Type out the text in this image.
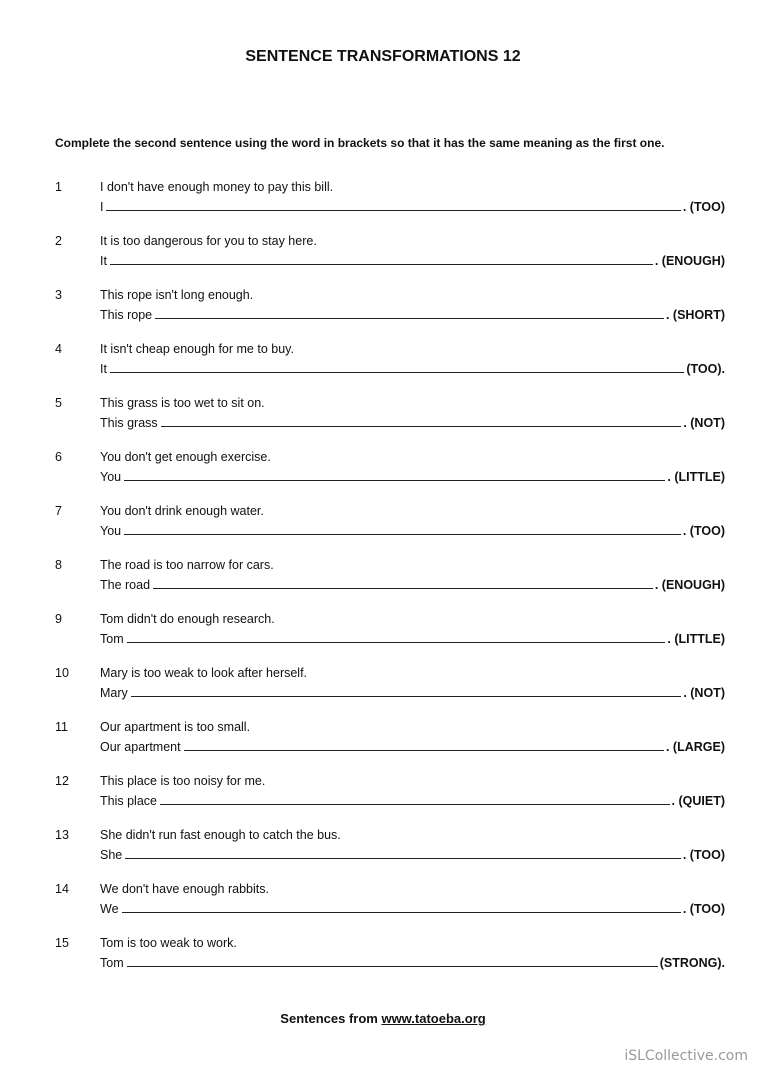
SENTENCE TRANSFORMATIONS 12
Complete the second sentence using the word in brackets so that it has the same meaning as the first one.
1	I don't have enough money to pay this bill.
I	. (TOO)
2	It is too dangerous for you to stay here.
It	. (ENOUGH)
3	This rope isn't long enough.
This rope	. (SHORT)
4	It isn't cheap enough for me to buy.
It	(TOO).
5	This grass is too wet to sit on.
This grass	. (NOT)
6	You don't get enough exercise.
You	. (LITTLE)
7	You don't drink enough water.
You	. (TOO)
8	The road is too narrow for cars.
The road	. (ENOUGH)
9	Tom didn't do enough research.
Tom	. (LITTLE)
10	Mary is too weak to look after herself.
Mary	. (NOT)
11	Our apartment is too small.
Our apartment	. (LARGE)
12	This place is too noisy for me.
This place	. (QUIET)
13	She didn't run fast enough to catch the bus.
She	. (TOO)
14	We don't have enough rabbits.
We	. (TOO)
15	Tom is too weak to work.
Tom	(STRONG).
Sentences from www.tatoeba.org
iSLCollective.com
